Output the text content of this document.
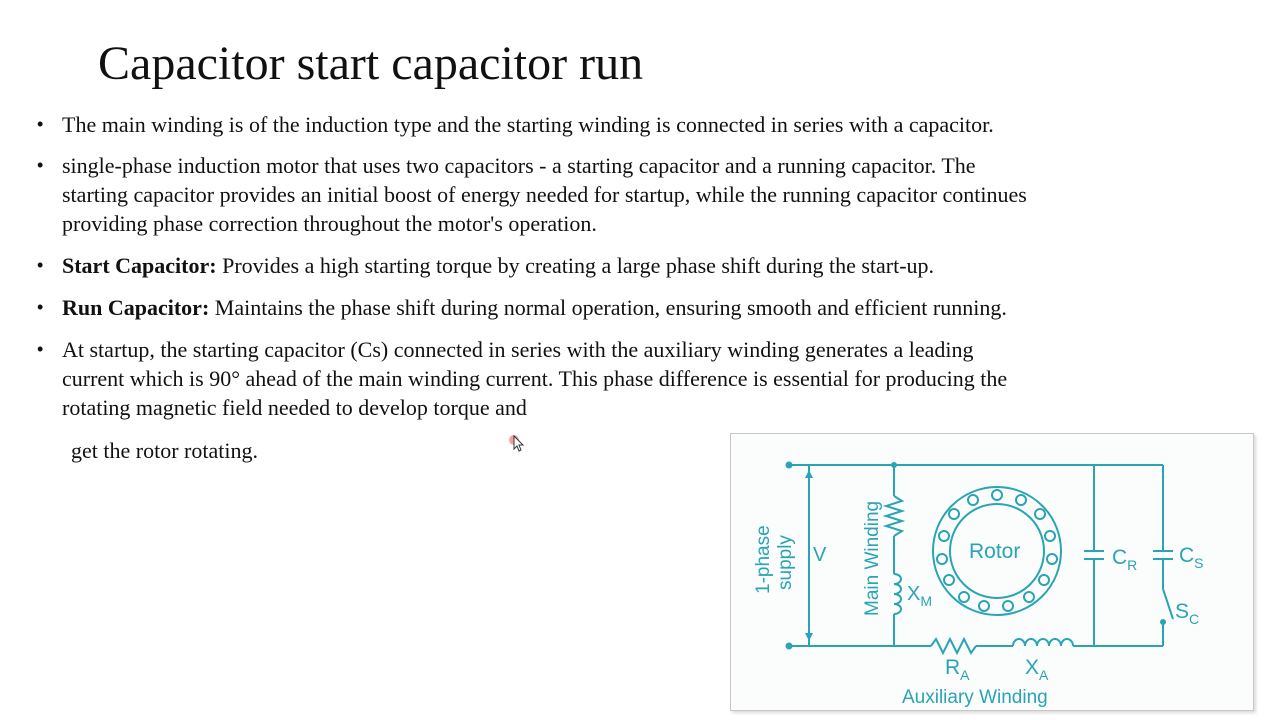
Capacitor start capacitor run
• The main winding is of the induction type and the starting winding is connected in series with a capacitor.
• single-phase induction motor that uses two capacitors - a starting capacitor and a running capacitor. The
starting capacitor provides an initial boost of energy needed for startup, while the running capacitor continues
providing phase correction throughout the motor's operation.
• Start Capacitor: Provides a high starting torque by creating a large phase shift during the start-up.
• Run Capacitor: Maintains the phase shift during normal operation, ensuring smooth and efficient running.
• At startup, the starting capacitor (Cs) connected in series with the auxiliary winding generates a leading
current which is 90° ahead of the main winding current. This phase difference is essential for producing the
rotating magnetic field needed to develop torque and
get the rotor rotating.
1-phase supply V Main Winding $X_M$
Rotor	$C_R$ $C_S$
$S_C$
$R_A$	$X_A$
Auxiliary Winding
